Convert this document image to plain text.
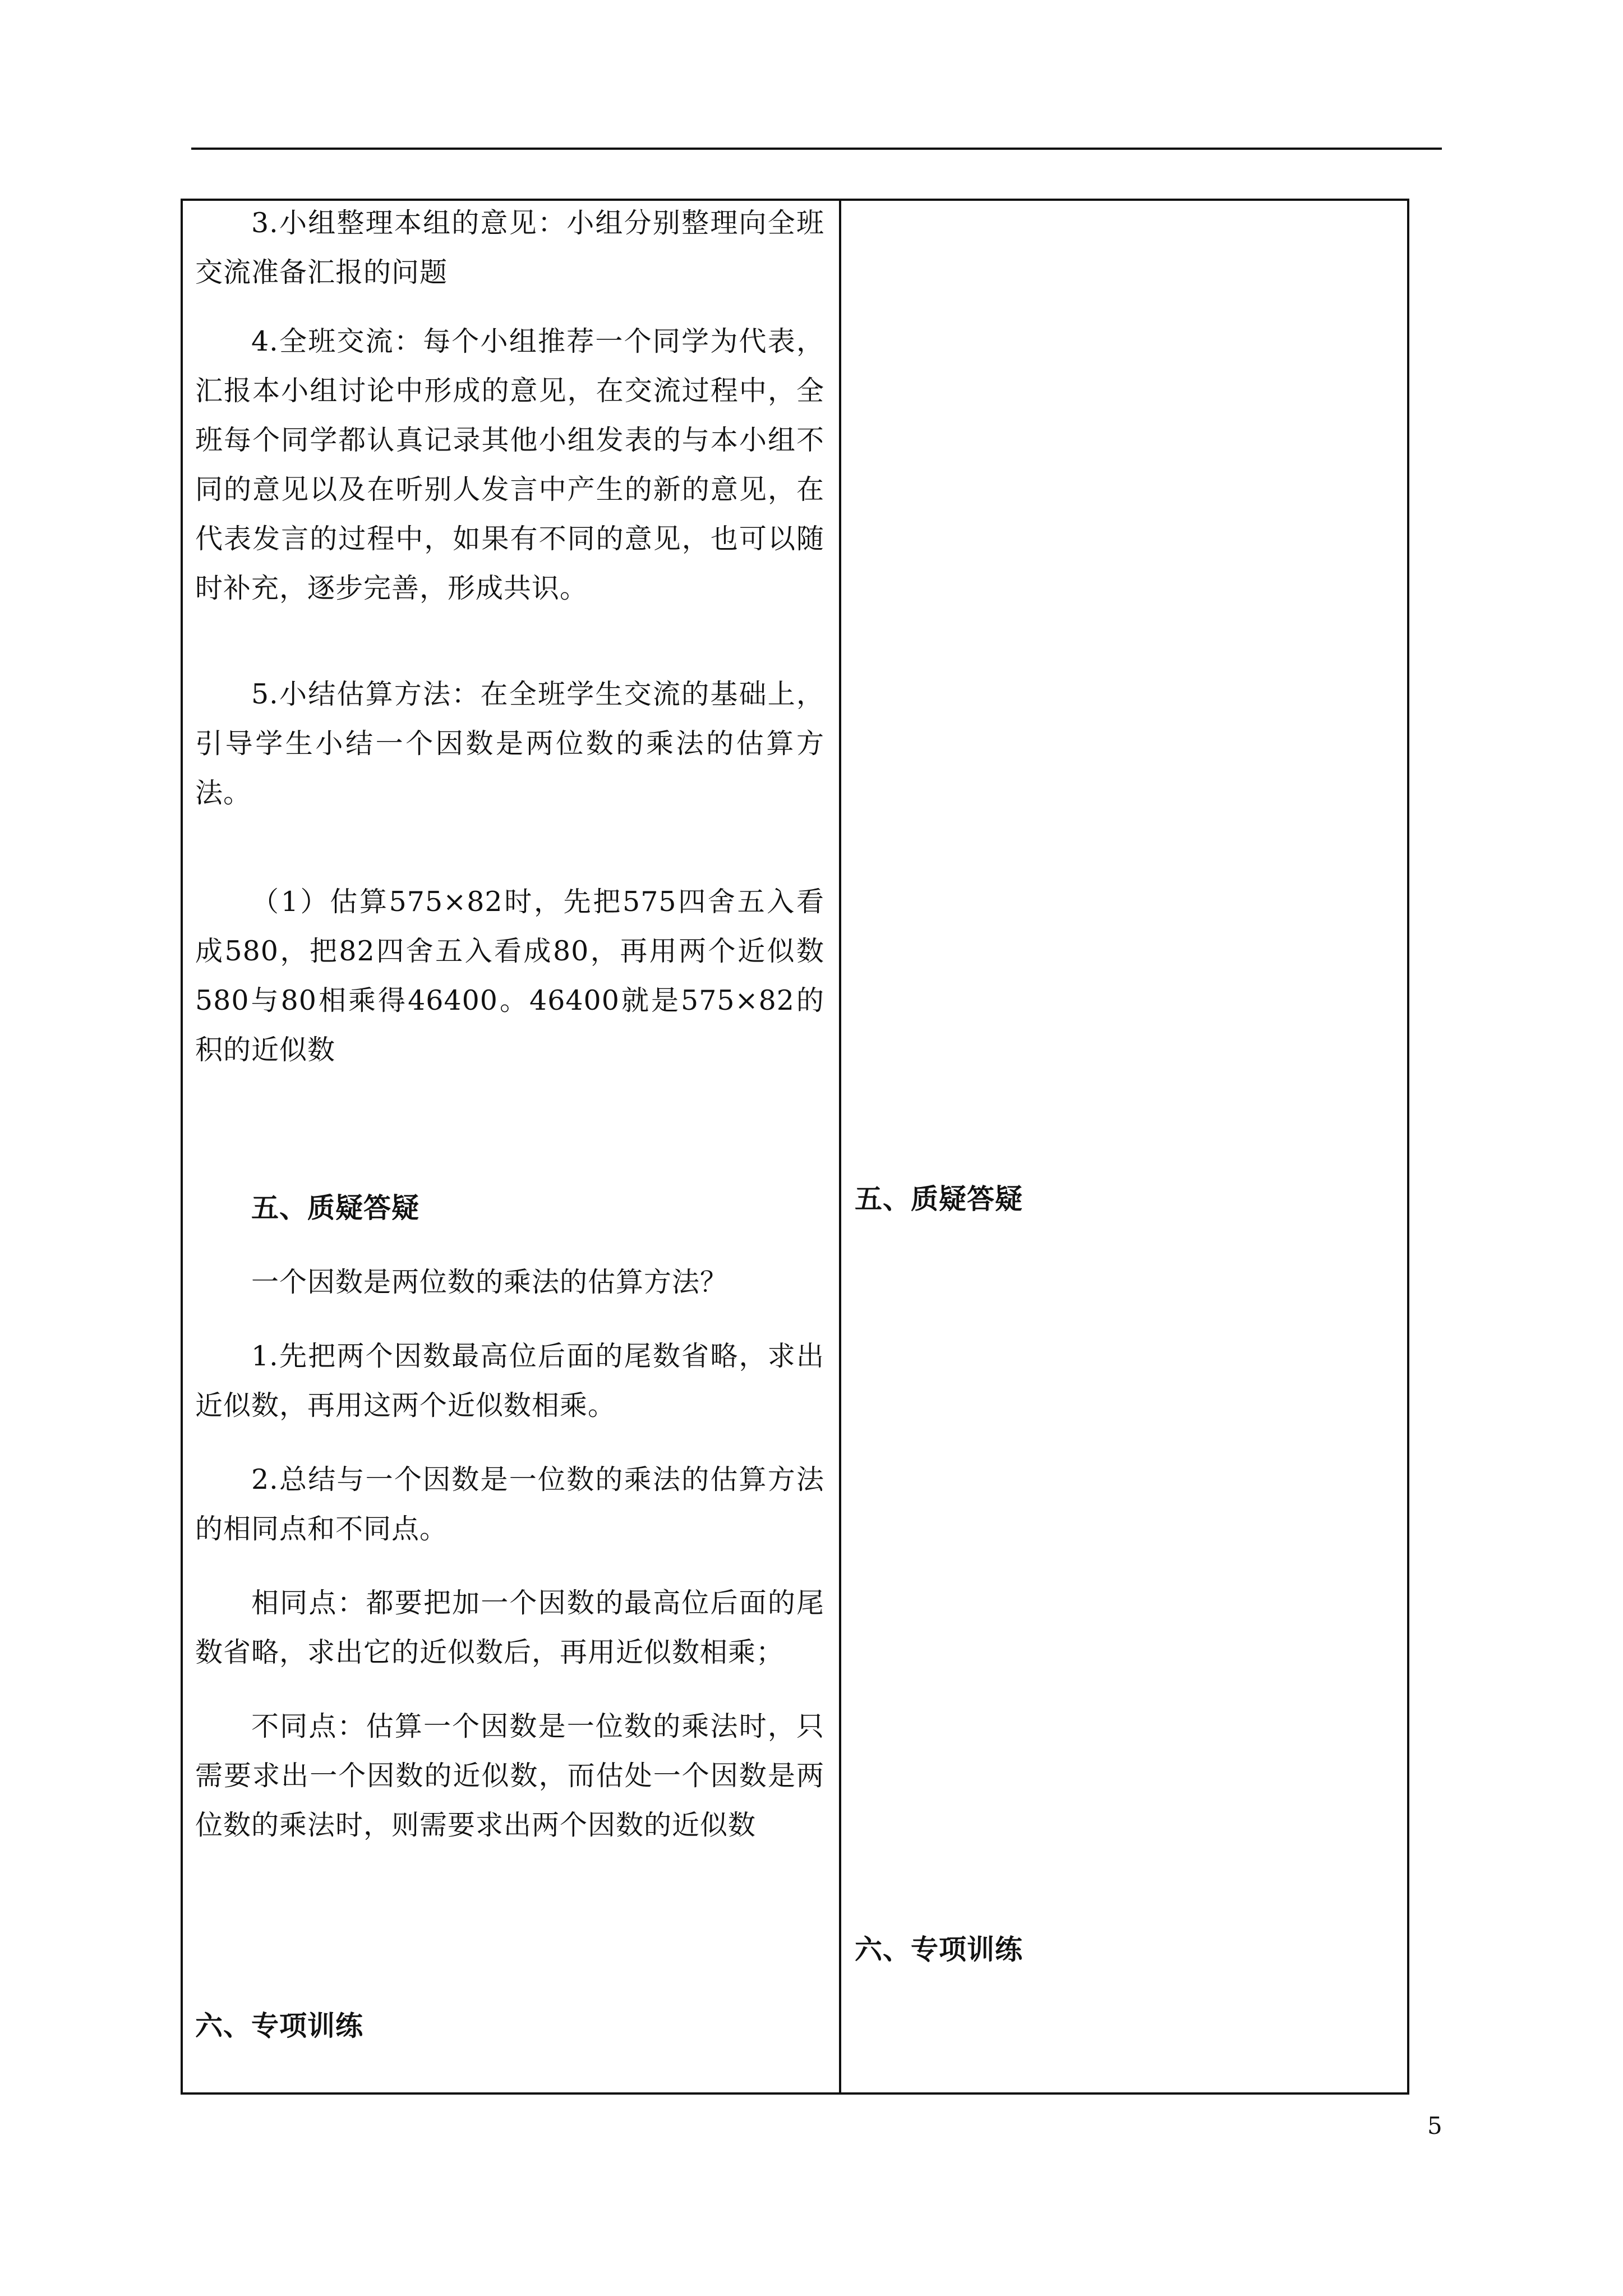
3.小组整理本组的意见：小组分别整理向全班交流准备汇报的问题

4.全班交流：每个小组推荐一个同学为代表，汇报本小组讨论中形成的意见，在交流过程中，全班每个同学都认真记录其他小组发表的与本小组不同的意见以及在听别人发言中产生的新的意见，在代表发言的过程中，如果有不同的意见，也可以随时补充，逐步完善，形成共识。

5.小结估算方法：在全班学生交流的基础上，引导学生小结一个因数是两位数的乘法的估算方法。

（1）估算575×82时，先把575四舍五入看成580，把82四舍五入看成80，再用两个近似数580与80相乘得46400。46400就是575×82的积的近似数

五、质疑答疑

一个因数是两位数的乘法的估算方法？

1.先把两个因数最高位后面的尾数省略，求出近似数，再用这两个近似数相乘。

2.总结与一个因数是一位数的乘法的估算方法的相同点和不同点。

相同点：都要把加一个因数的最高位后面的尾数省略，求出它的近似数后，再用近似数相乘；

不同点：估算一个因数是一位数的乘法时，只需要求出一个因数的近似数，而估处一个因数是两位数的乘法时，则需要求出两个因数的近似数

六、专项训练

五、质疑答疑

六、专项训练

5
